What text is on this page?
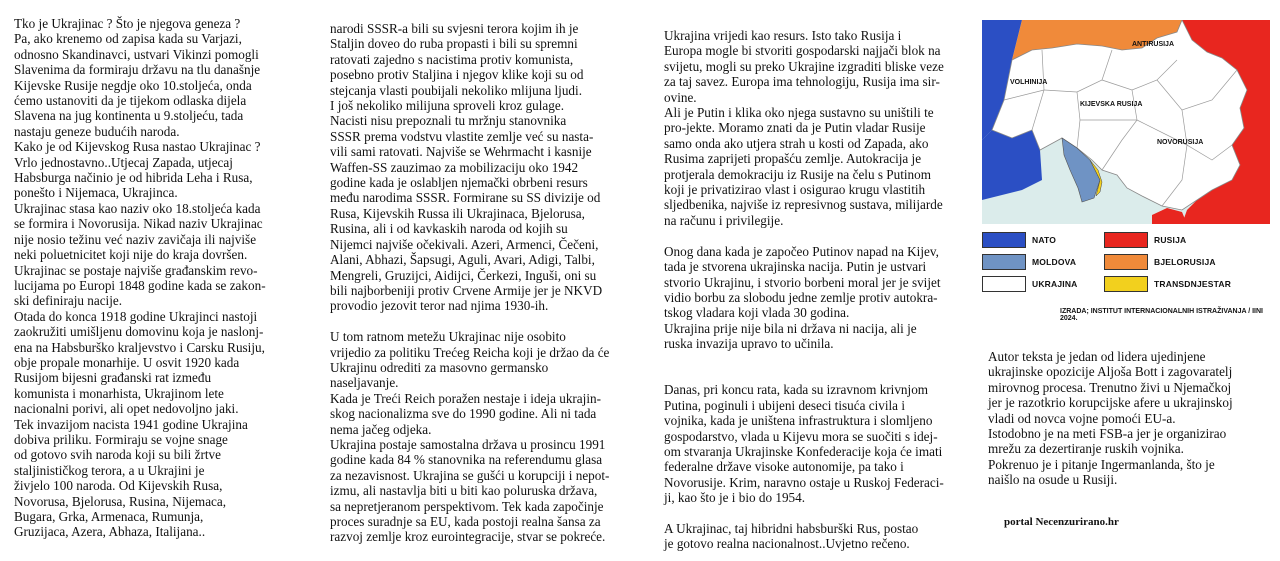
Tko je Ukrajinac ? Što je njegova geneza ?
Pa, ako krenemo od zapisa kada su Varjazi,
odnosno Skandinavci, ustvari Vikinzi pomogli
Slavenima da formiraju državu na tlu današnje
Kijevske Rusije negdje oko 10.stoljeća, onda
ćemo ustanoviti da je tijekom odlaska dijela
Slavena na jug kontinenta u 9.stoljeću, tada
nastaju geneze budućih naroda.
Kako je od Kijevskog Rusa nastao Ukrajinac ?
Vrlo jednostavno..Utjecaj Zapada, utjecaj
Habsburga načinio je od hibrida Leha i Rusa,
ponešto i Nijemaca, Ukrajinca.
Ukrajinac stasa kao naziv oko 18.stoljeća kada
se formira i Novorusija. Nikad naziv Ukrajinac
nije nosio težinu već naziv zavičaja ili najviše
neki poluetnicitet koji nije do kraja dovršen.
Ukrajinac se postaje najviše građanskim revo-
lucijama po Europi 1848 godine kada se zakon-
ski definiraju nacije.
Otada do konca 1918 godine Ukrajinci nastoji
zaokružiti umišljenu domovinu koja je naslonj-
ena na Habsburško kraljevstvo i Carsku Rusiju,
obje propale monarhije. U osvit 1920 kada
Rusijom bijesni građanski rat između
komunista i monarhista, Ukrajinom lete
nacionalni porivi, ali opet nedovoljno jaki.
Tek invazijom nacista 1941 godine Ukrajina
dobiva priliku. Formiraju se vojne snage
od gotovo svih naroda koji su bili žrtve
staljinističkog terora, a u Ukrajini je
živjelo 100 naroda. Od Kijevskih Rusa,
Novorusa, Bjelorusa, Rusina, Nijemaca,
Bugara, Grka, Armenaca, Rumunja,
Gruzijaca, Azera, Abhaza, Italijana..
narodi SSSR-a bili su svjesni terora kojim ih je
Staljin doveo do ruba propasti i bili su spremni
ratovati zajedno s nacistima protiv komunista,
posebno protiv Staljina i njegov klike koji su od
stejcanja vlasti poubijali nekoliko mlijuna ljudi.
I još nekoliko milijuna sproveli kroz gulage.
Nacisti nisu prepoznali tu mržnju stanovnika
SSSR prema vodstvu vlastite zemlje već su nasta-
vili sami ratovati. Najviše se Wehrmacht i kasnije
Waffen-SS zauzimao za mobilizaciju oko 1942
godine kada je oslabljen njemački obrbeni resurs
među narodima SSSR. Formirane su SS divizije od
Rusa, Kijevskih Russa ili Ukrajinaca, Bjelorusa,
Rusina, ali i od kavkaskih naroda od kojih su
Nijemci najviše očekivali. Azeri, Armenci, Čečeni,
Alani, Abhazi, Šapsugi, Aguli, Avari, Adigi, Talbi,
Mengreli, Gruzijci, Aidijci, Čerkezi, Inguši, oni su
bili najborbeniji protiv Crvene Armije jer je NKVD
provodio jezovit teror nad njima 1930-ih.

U tom ratnom metežu Ukrajinac nije osobito
vrijedio za politiku Trećeg Reicha koji je držao da će
Ukrajinu odrediti za masovno germansko
naseljavanje.
Kada je Treći Reich poražen nestaje i ideja ukrajin-
skog nacionalizma sve do 1990 godine. Ali ni tada
nema jačeg odjeka.
Ukrajina postaje samostalna država u prosincu 1991
godine kada 84 % stanovnika na referendumu glasa
za nezavisnost. Ukrajina se gušći u korupciji i nepot-
izmu, ali nastavlja biti u biti kao poluruska država,
sa nepretjeranom perspektivom. Tek kada započinje
proces suradnje sa EU, kada postoji realna šansa za
razvoj zemlje kroz eurointegracije, stvar se pokreće.
Ukrajina vrijedi kao resurs. Isto tako Rusija i
Europa mogle bi stvoriti gospodarski najjači blok na
svijetu, mogli su preko Ukrajine izgraditi bliske veze
za taj savez. Europa ima tehnologiju, Rusija ima sir-
ovine.
Ali je Putin i klika oko njega sustavno su uništili te
pro-jekte. Moramo znati da je Putin vladar Rusije
samo onda ako utjera strah u kosti od Zapada, ako
Rusima zaprijeti propašću zemlje. Autokracija je
protjerala demokraciju iz Rusije na čelu s Putinom
koji je privatizirao vlast i osigurao krugu vlastitih
sljedbenika, najviše iz represivnog sustava, milijarde
na računu i privilegije.

Onog dana kada je započeo Putinov napad na Kijev,
tada je stvorena ukrajinska nacija. Putin je ustvari
stvorio Ukrajinu, i stvorio borbeni moral jer je svijet
vidio borbu za slobodu jedne zemlje protiv autokra-
tskog vladara koji vlada 30 godina.
Ukrajina prije nije bila ni država ni nacija, ali je
ruska invazija upravo to učinila.

Danas, pri koncu rata, kada su izravnom krivnjom
Putina, poginuli i ubijeni deseci tisuća civila i
vojnika, kada je uništena infrastruktura i slomljeno
gospodarstvo, vlada u Kijevu mora se suočiti s idej-
om stvaranja Ukrajinske Konfederacije koja će imati
federalne države visoke autonomije, pa tako i
Novorusije. Krim, naravno ostaje u Ruskoj Federaci-
ji, kao što je i bio do 1954.

A Ukrajinac, taj hibridni habsburški Rus, postao
je gotovo realna nacionalnost..Uvjetno rečeno.
ANTIRUSIJA
VOLHINIJA
KIJEVSKA RUSIJA
NOVORUSIJA
NATO	RUSIJA
MOLDOVA	BJELORUSIJA
UKRAJINA	TRANSDNJESTAR
IZRADA; INSTITUT INTERNACIONALNIH ISTRAŽIVANJA / IINI 2024.
Autor teksta je jedan od lidera ujedinjene
ukrajinske opozicije Aljoša Bott i zagovaratelj
mirovnog procesa. Trenutno živi u Njemačkoj
jer je razotkrio korupcijske afere u ukrajinskoj
vladi od novca vojne pomoći EU-a.
Istodobno je na meti FSB-a jer je organizirao
mrežu za dezertiranje ruskih vojnika.
Pokrenuo je i pitanje Ingermanlanda, što je
naišlo na osude u Rusiji.
portal Necenzurirano.hr
